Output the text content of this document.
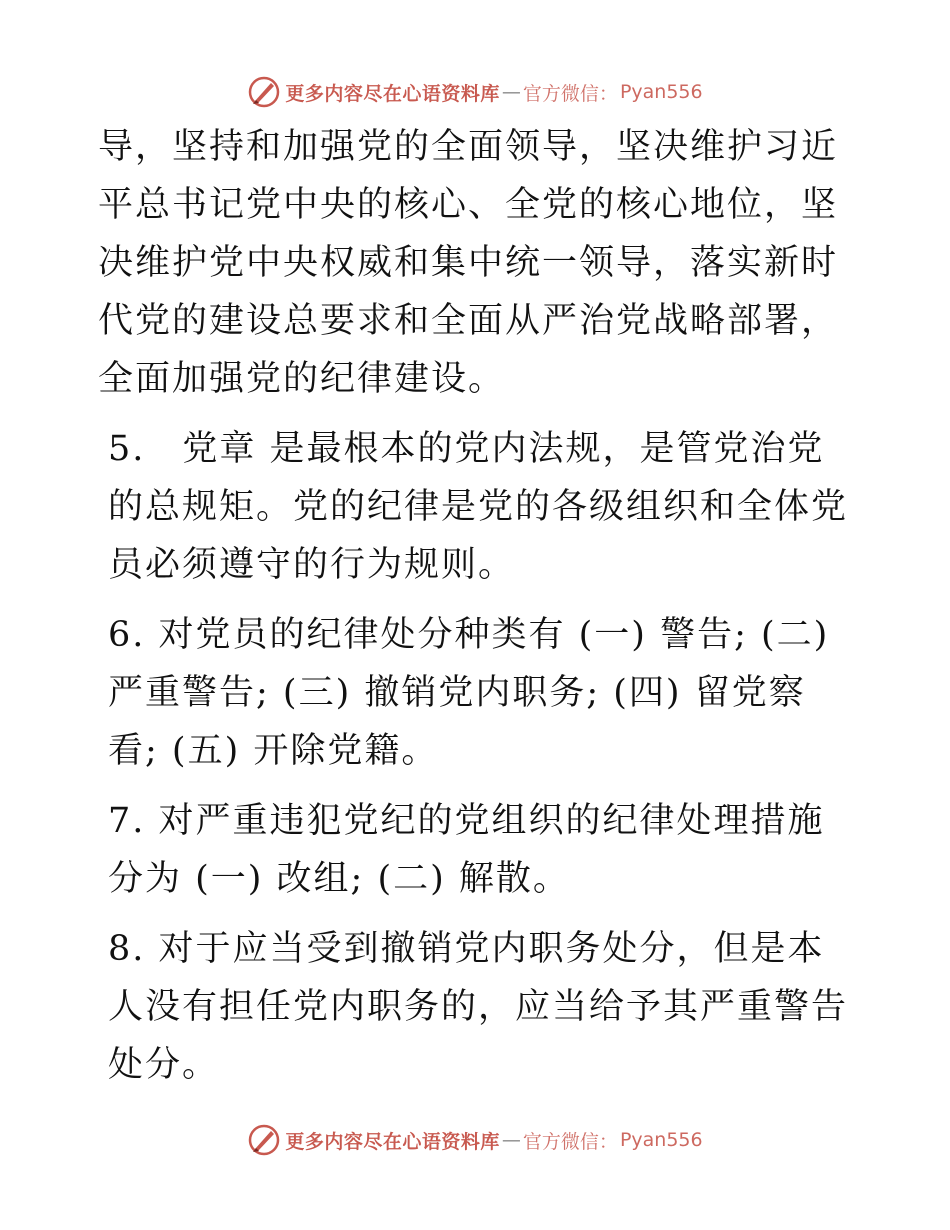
更多内容尽在心语资料库 — 官方微信： Pyan556

导，坚持和加强党的全面领导，坚决维护习近平总书记党中央的核心、全党的核心地位，坚决维护党中央权威和集中统一领导，落实新时代党的建设总要求和全面从严治党战略部署，全面加强党的纪律建设。

5.　党章 是最根本的党内法规，是管党治党的总规矩。党的纪律是党的各级组织和全体党员必须遵守的行为规则。

6. 对党员的纪律处分种类有 (一) 警告; (二) 严重警告; (三) 撤销党内职务; (四) 留党察看; (五) 开除党籍。

7. 对严重违犯党纪的党组织的纪律处理措施分为 (一) 改组; (二) 解散。

8. 对于应当受到撤销党内职务处分，但是本人没有担任党内职务的，应当给予其严重警告处分。

更多内容尽在心语资料库 — 官方微信： Pyan556
